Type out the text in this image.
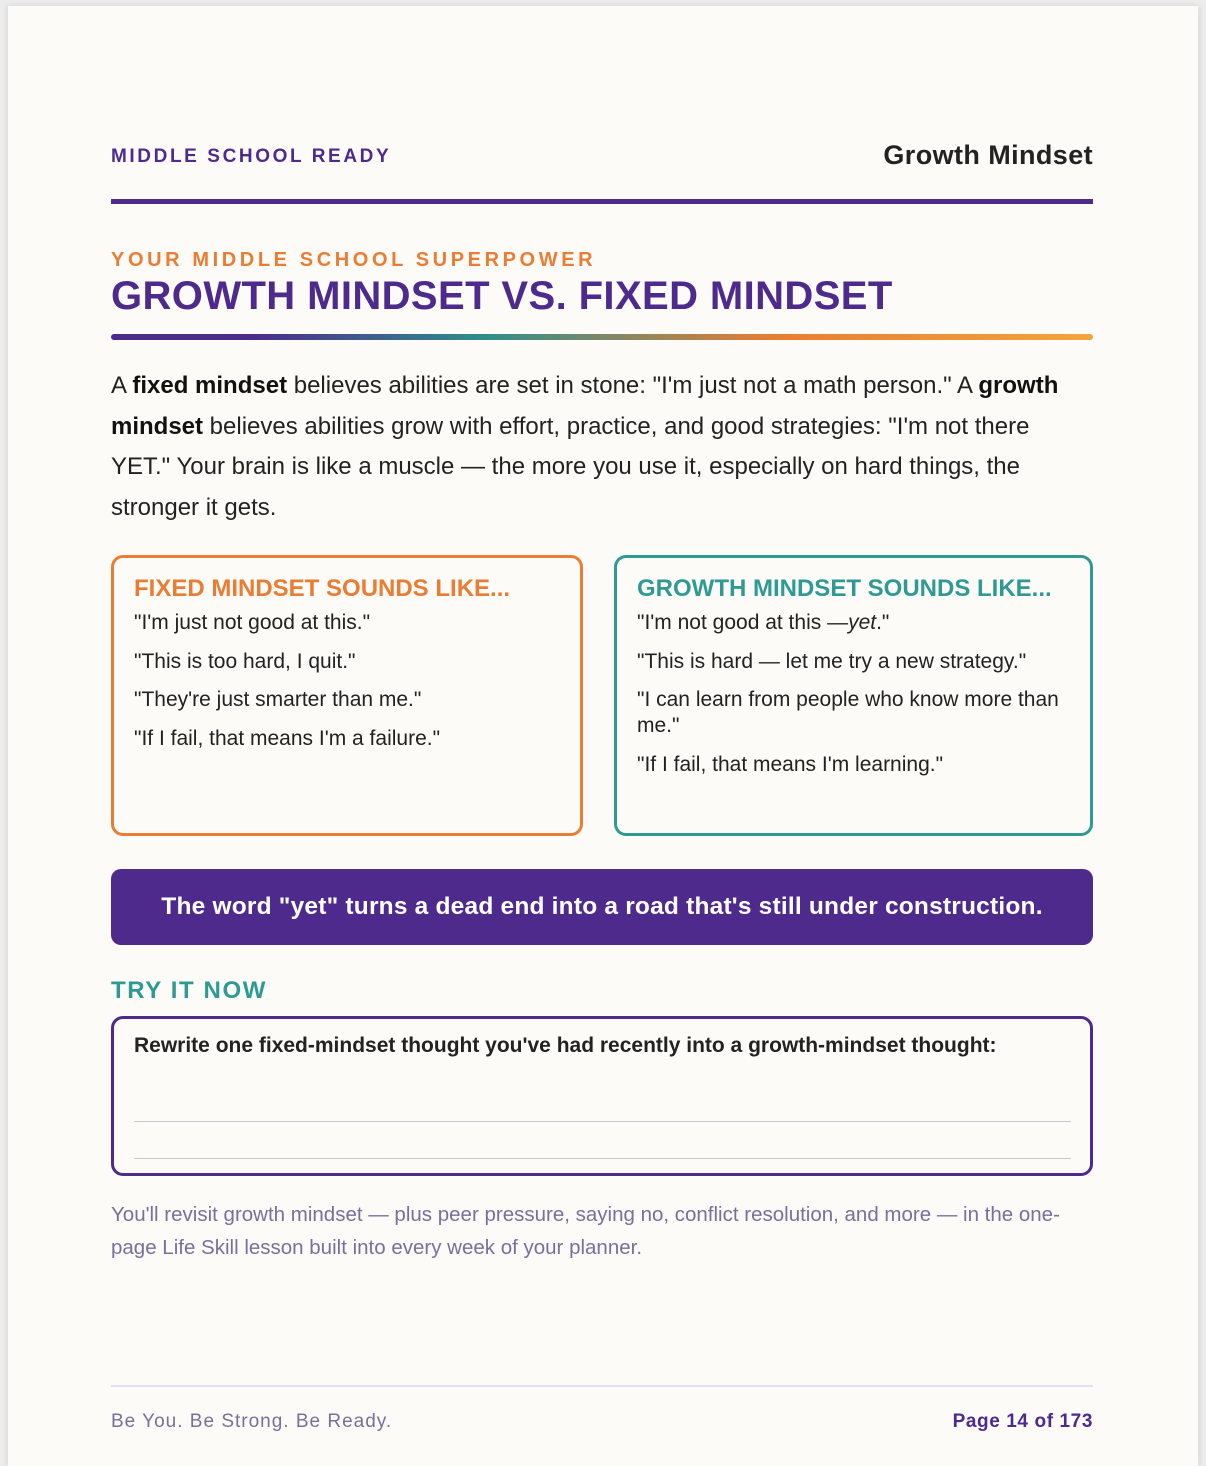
MIDDLE SCHOOL READY	Growth Mindset
YOUR MIDDLE SCHOOL SUPERPOWER
GROWTH MINDSET VS. FIXED MINDSET
A fixed mindset believes abilities are set in stone: "I'm just not a math person." A growth mindset believes abilities grow with effort, practice, and good strategies: "I'm not there YET." Your brain is like a muscle — the more you use it, especially on hard things, the stronger it gets.
FIXED MINDSET SOUNDS LIKE...
"I'm just not good at this."
"This is too hard, I quit."
"They're just smarter than me."
"If I fail, that means I'm a failure."
GROWTH MINDSET SOUNDS LIKE...
"I'm not good at this —yet."
"This is hard — let me try a new strategy."
"I can learn from people who know more than me."
"If I fail, that means I'm learning."
The word "yet" turns a dead end into a road that's still under construction.
TRY IT NOW
Rewrite one fixed-mindset thought you've had recently into a growth-mindset thought:
You'll revisit growth mindset — plus peer pressure, saying no, conflict resolution, and more — in the one-page Life Skill lesson built into every week of your planner.
Be You. Be Strong. Be Ready.	Page 14 of 173
